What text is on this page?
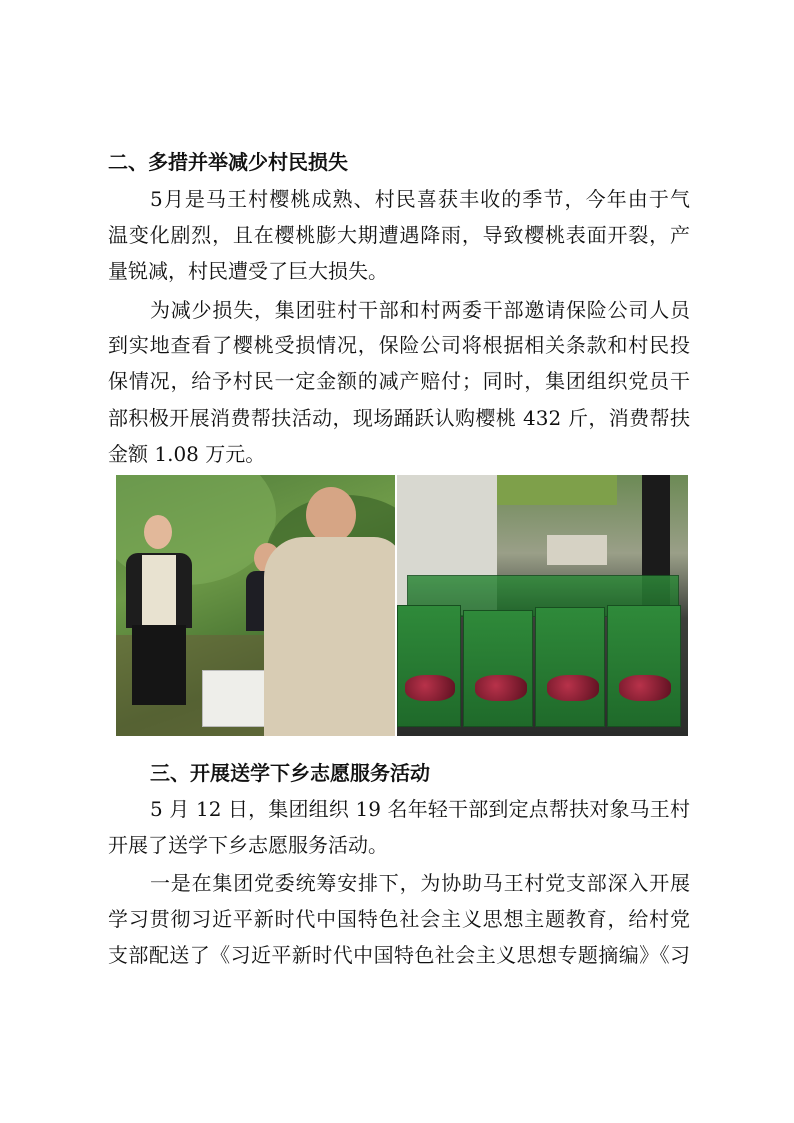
二、多措并举减少村民损失
5月是马王村樱桃成熟、村民喜获丰收的季节，今年由于气
温变化剧烈，且在樱桃膨大期遭遇降雨，导致樱桃表面开裂，产
量锐减，村民遭受了巨大损失。
为减少损失，集团驻村干部和村两委干部邀请保险公司人员
到实地查看了樱桃受损情况，保险公司将根据相关条款和村民投
保情况，给予村民一定金额的减产赔付；同时，集团组织党员干
部积极开展消费帮扶活动，现场踊跃认购樱桃 432 斤，消费帮扶
金额 1.08 万元。
三、开展送学下乡志愿服务活动
5 月 12 日，集团组织 19 名年轻干部到定点帮扶对象马王村
开展了送学下乡志愿服务活动。
一是在集团党委统筹安排下，为协助马王村党支部深入开展
学习贯彻习近平新时代中国特色社会主义思想主题教育，给村党
支部配送了《习近平新时代中国特色社会主义思想专题摘编》《习
